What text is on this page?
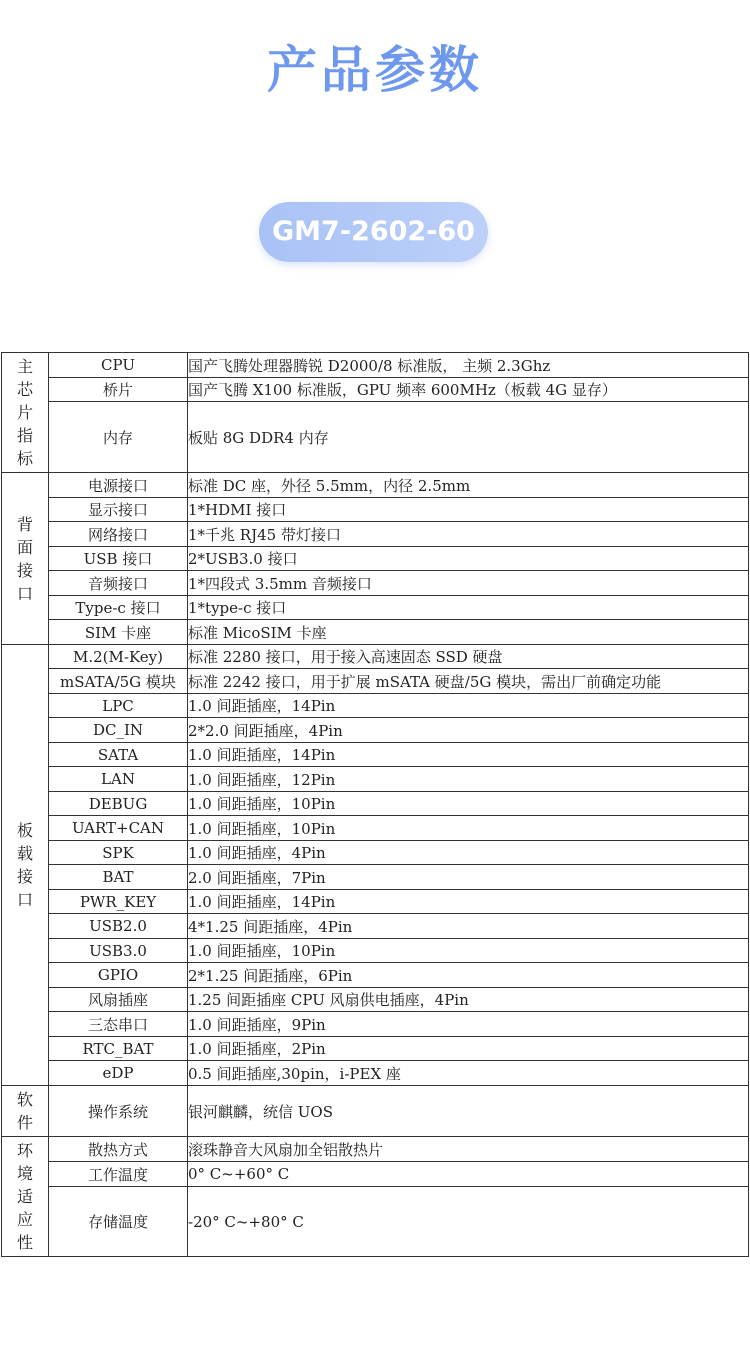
产品参数
GM7-2602-60
主
芯
片
指
标	CPU	国产飞腾处理器腾锐 D2000/8 标准版， 主频 2.3Ghz
	桥片	国产飞腾 X100 标准版，GPU 频率 600MHz（板载 4G 显存）
	内存	板贴 8G DDR4 内存
背
面
接
口	电源接口	标准 DC 座，外径 5.5mm，内径 2.5mm
	显示接口	1*HDMI 接口
	网络接口	1*千兆 RJ45 带灯接口
	USB 接口	2*USB3.0 接口
	音频接口	1*四段式 3.5mm 音频接口
	Type-c 接口	1*type-c 接口
	SIM 卡座	标准 MicoSIM 卡座
板
载
接
口	M.2(M-Key)	标准 2280 接口，用于接入高速固态 SSD 硬盘
	mSATA/5G 模块	标准 2242 接口，用于扩展 mSATA 硬盘/5G 模块，需出厂前确定功能
	LPC	1.0 间距插座，14Pin
	DC_IN	2*2.0 间距插座，4Pin
	SATA	1.0 间距插座，14Pin
	LAN	1.0 间距插座，12Pin
	DEBUG	1.0 间距插座，10Pin
	UART+CAN	1.0 间距插座，10Pin
	SPK	1.0 间距插座，4Pin
	BAT	2.0 间距插座，7Pin
	PWR_KEY	1.0 间距插座，14Pin
	USB2.0	4*1.25 间距插座，4Pin
	USB3.0	1.0 间距插座，10Pin
	GPIO	2*1.25 间距插座，6Pin
	风扇插座	1.25 间距插座 CPU 风扇供电插座，4Pin
	三态串口	1.0 间距插座，9Pin
	RTC_BAT	1.0 间距插座，2Pin
	eDP	0.5 间距插座,30pin，i-PEX 座
软
件	操作系统	银河麒麟，统信 UOS
环
境
适
应
性	散热方式	滚珠静音大风扇加全铝散热片
	工作温度	0° C~+60° C
	存储温度	-20° C~+80° C
